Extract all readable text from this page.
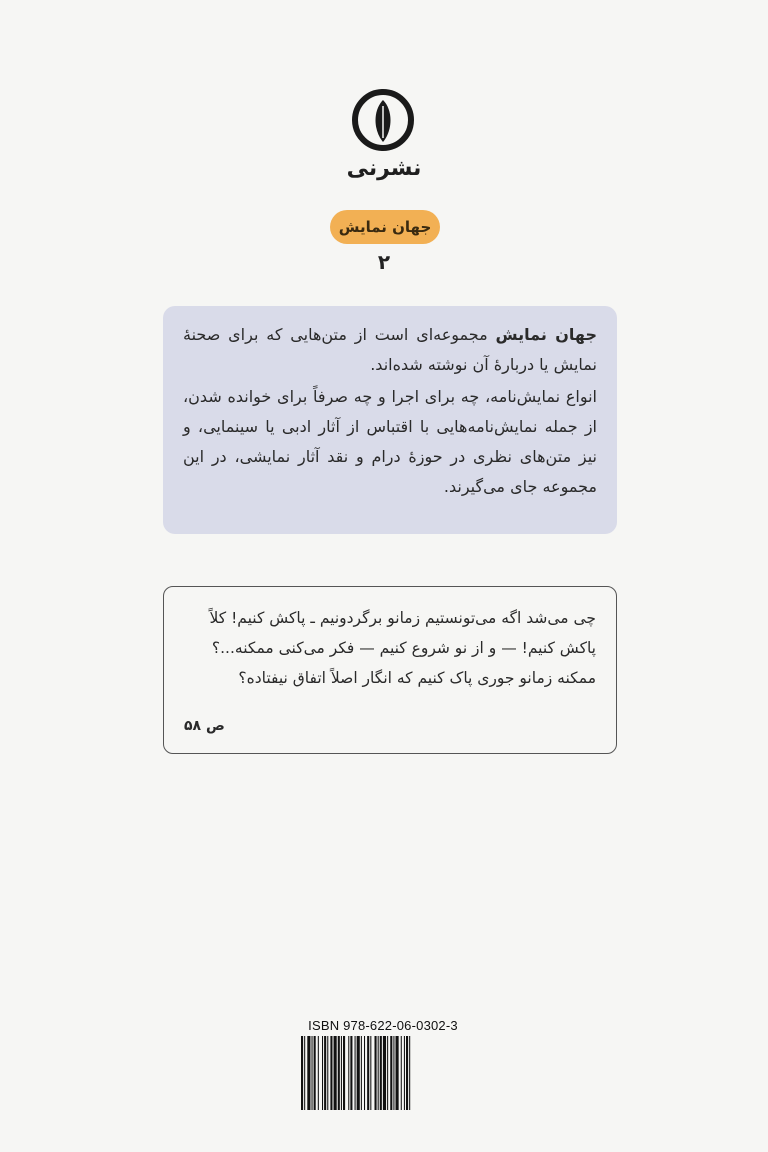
نشرنی
جهان نمایش
۲

جهان نمایش مجموعه‌ای است از متن‌هایی که برای صحنهٔ نمایش یا دربارهٔ آن نوشته شده‌اند.

انواع نمایش‌نامه، چه برای اجرا و چه صرفاً برای خوانده شدن، از جمله نمایش‌نامه‌هایی با اقتباس از آثار ادبی یا سینمایی، و نیز متن‌های نظری در حوزهٔ درام و نقد آثار نمایشی، در این مجموعه جای می‌گیرند.

چی می‌شد اگه می‌تونستیم زمانو برگردونیم ـ پاکش کنیم! کلاً

پاکش کنیم! — و از نو شروع کنیم — فکر می‌کنی ممکنه...؟

ممکنه زمانو جوری پاک کنیم که انگار اصلاً اتفاق نیفتاده؟

ص ۵۸
ISBN 978-622-06-0302-3
